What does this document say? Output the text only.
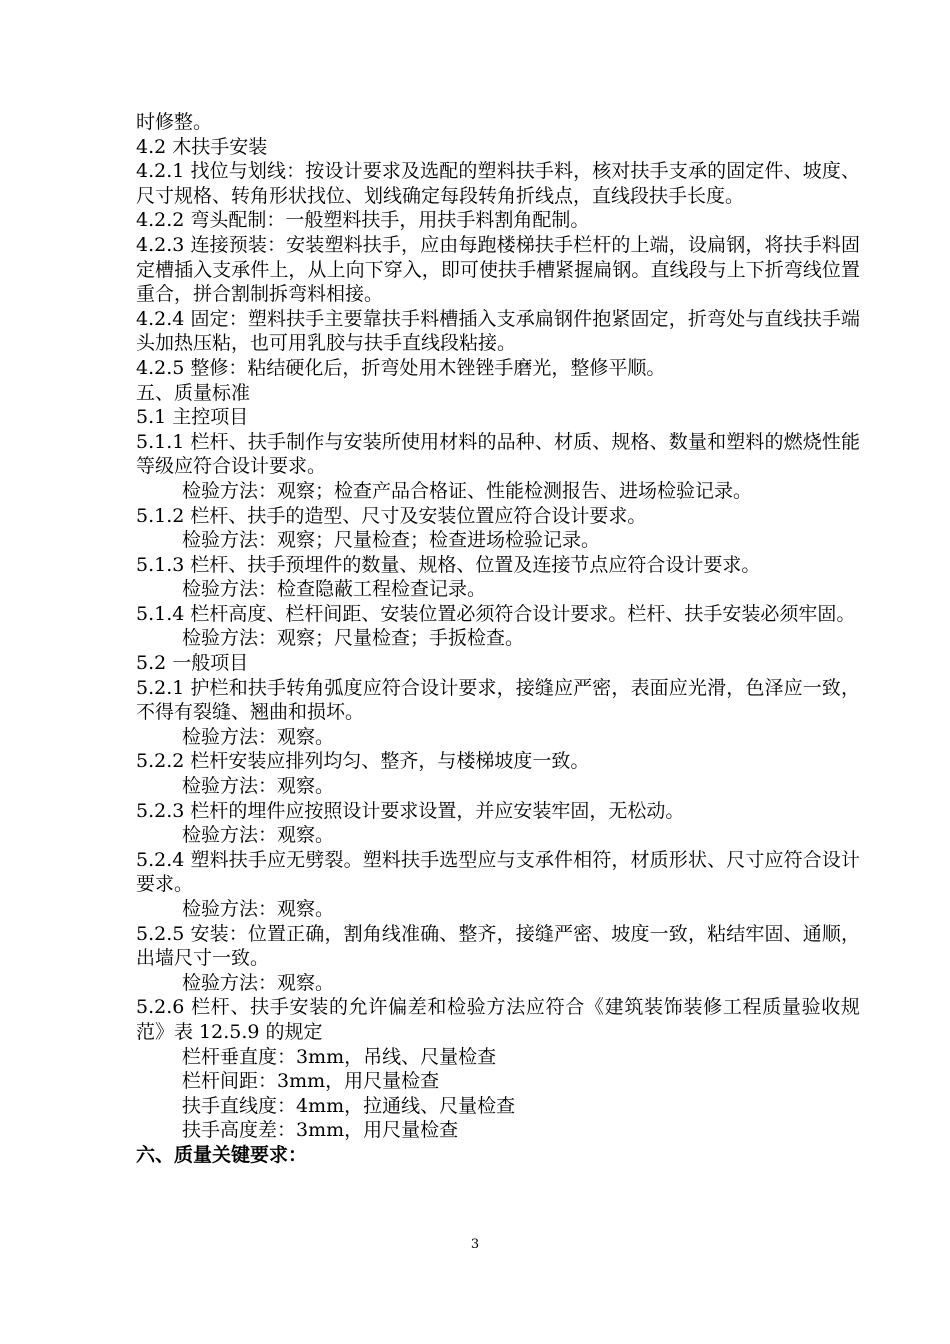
时修整。

4.2 木扶手安装

4.2.1 找位与划线：按设计要求及选配的塑料扶手料，核对扶手支承的固定件、坡度、尺寸规格、转角形状找位、划线确定每段转角折线点，直线段扶手长度。

4.2.2 弯头配制：一般塑料扶手，用扶手料割角配制。

4.2.3 连接预装：安装塑料扶手，应由每跑楼梯扶手栏杆的上端，设扁钢，将扶手料固定槽插入支承件上，从上向下穿入，即可使扶手槽紧握扁钢。直线段与上下折弯线位置重合，拼合割制拆弯料相接。

4.2.4 固定：塑料扶手主要靠扶手料槽插入支承扁钢件抱紧固定，折弯处与直线扶手端头加热压粘，也可用乳胶与扶手直线段粘接。

4.2.5 整修：粘结硬化后，折弯处用木锉锉手磨光，整修平顺。

五、质量标准

5.1 主控项目

5.1.1 栏杆、扶手制作与安装所使用材料的品种、材质、规格、数量和塑料的燃烧性能等级应符合设计要求。

检验方法：观察；检查产品合格证、性能检测报告、进场检验记录。

5.1.2 栏杆、扶手的造型、尺寸及安装位置应符合设计要求。

检验方法：观察；尺量检查；检查进场检验记录。

5.1.3 栏杆、扶手预埋件的数量、规格、位置及连接节点应符合设计要求。

检验方法：检查隐蔽工程检查记录。

5.1.4 栏杆高度、栏杆间距、安装位置必须符合设计要求。栏杆、扶手安装必须牢固。

检验方法：观察；尺量检查；手扳检查。

5.2 一般项目

5.2.1 护栏和扶手转角弧度应符合设计要求，接缝应严密，表面应光滑，色泽应一致，不得有裂缝、翘曲和损坏。

检验方法：观察。

5.2.2 栏杆安装应排列均匀、整齐，与楼梯坡度一致。

检验方法：观察。

5.2.3 栏杆的埋件应按照设计要求设置，并应安装牢固，无松动。

检验方法：观察。

5.2.4 塑料扶手应无劈裂。塑料扶手选型应与支承件相符，材质形状、尺寸应符合设计要求。

检验方法：观察。

5.2.5 安装：位置正确，割角线准确、整齐，接缝严密、坡度一致，粘结牢固、通顺，出墙尺寸一致。

检验方法：观察。

5.2.6 栏杆、扶手安装的允许偏差和检验方法应符合《建筑装饰装修工程质量验收规范》表 12.5.9 的规定

栏杆垂直度：3mm，吊线、尺量检查

栏杆间距：3mm，用尺量检查

扶手直线度：4mm，拉通线、尺量检查

扶手高度差：3mm，用尺量检查

六、质量关键要求：

3
